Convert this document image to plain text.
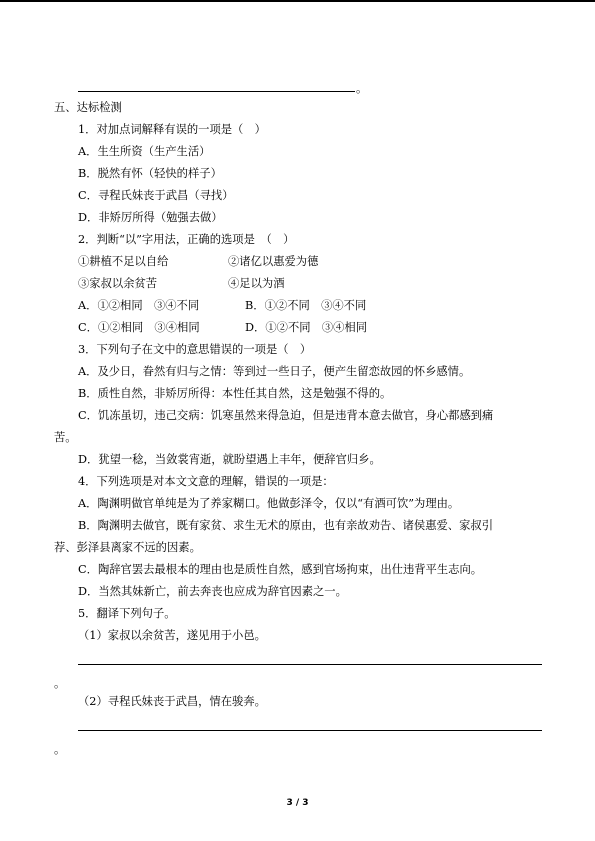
。
五、达标检测
1．对加点词解释有误的一项是（　）
A．生生所资（生产生活）
B．脱然有怀（轻快的样子）
C．寻程氏妹丧于武昌（寻找）
D．非矫厉所得（勉强去做）
2．判断“以”字用法，正确的选项是　（　）
①耕植不足以自给	②诸亿以惠爱为德
③家叔以余贫苦	④足以为酒
A．①②相同　③④不同	B．①②不同　③④不同
C．①②相同　③④相同	D．①②不同　③④相同
3．下列句子在文中的意思错误的一项是（　）
A．及少日，眷然有归与之情：等到过一些日子，便产生留恋故园的怀乡感情。
B．质性自然，非矫厉所得：本性任其自然，这是勉强不得的。
C．饥冻虽切，违己交病：饥寒虽然来得急迫，但是违背本意去做官，身心都感到痛
苦。
D．犹望一稔，当敛裳宵逝，就盼望遇上丰年，便辞官归乡。
4．下列选项是对本文文意的理解，错误的一项是：
A．陶渊明做官单纯是为了养家糊口。他做彭泽令，仅以“有酒可饮”为理由。
B．陶渊明去做官，既有家贫、求生无术的原由，也有亲故劝告、诸侯惠爱、家叔引
荐、彭泽县离家不远的因素。
C．陶辞官罢去最根本的理由也是质性自然，感到官场拘束，出仕违背平生志向。
D．当然其妹新亡，前去奔丧也应成为辞官因素之一。
5．翻译下列句子。
（1）家叔以余贫苦，遂见用于小邑。
。
（2）寻程氏妹丧于武昌，情在骏奔。
。
3 / 3
